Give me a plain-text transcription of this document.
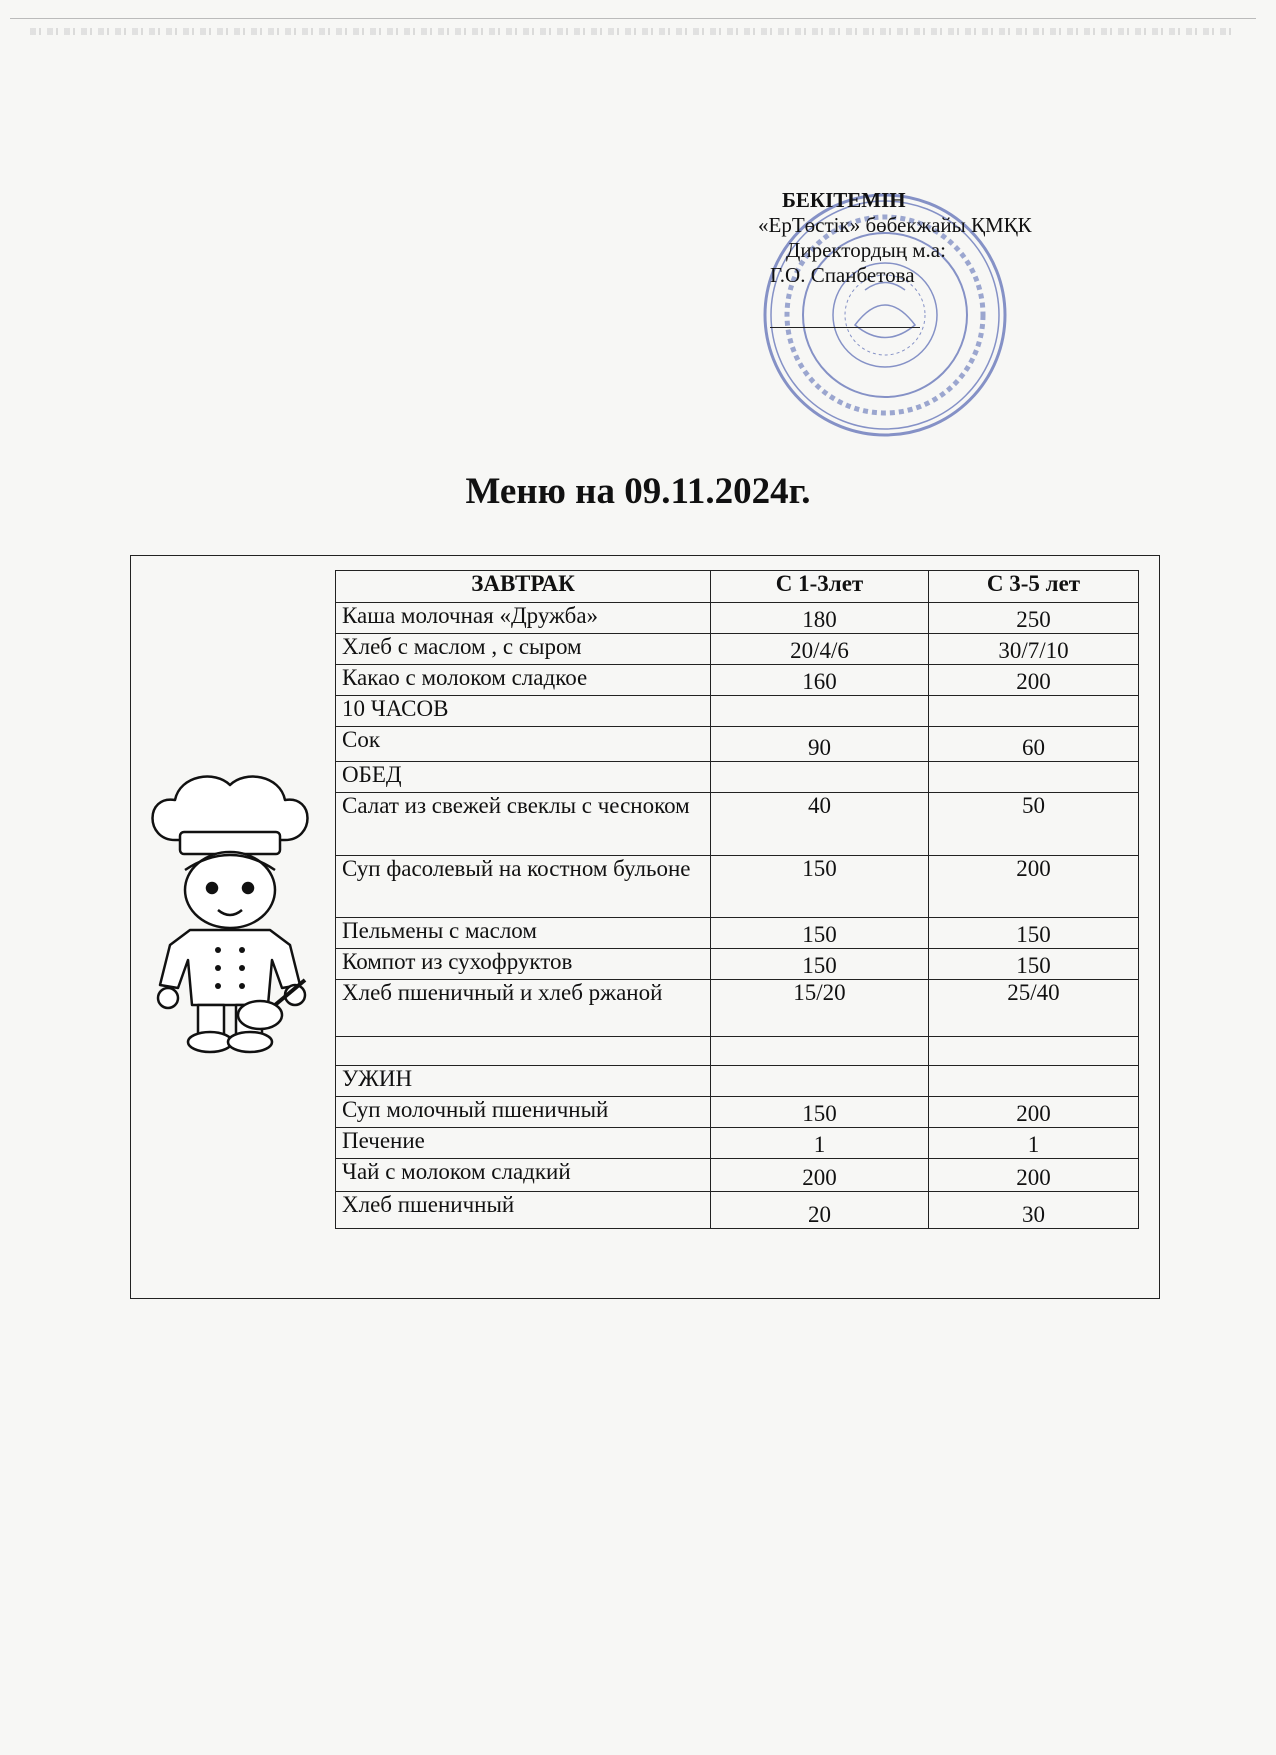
БЕКІТЕМІН
«ЕрТөстік» бөбекжайы ҚМҚК
Директордың м.а:
Г.О. Спанбетова
Меню на 09.11.2024г.
ЗАВТРАК	С 1-3лет	С 3-5 лет
Каша молочная «Дружба»	180	250
Хлеб с маслом , с сыром	20/4/6	30/7/10
Какао с молоком сладкое	160	200
10 ЧАСОВ		
Сок	90	60
ОБЕД		
Салат из свежей свеклы с чесноком	40	50
Суп фасолевый на костном бульоне	150	200
Пельмены с маслом	150	150
Компот из сухофруктов	150	150
Хлеб пшеничный и хлеб ржаной	15/20	25/40

УЖИН		
Суп молочный пшеничный	150	200
Печение	1	1
Чай с молоком сладкий	200	200
Хлеб пшеничный	20	30
